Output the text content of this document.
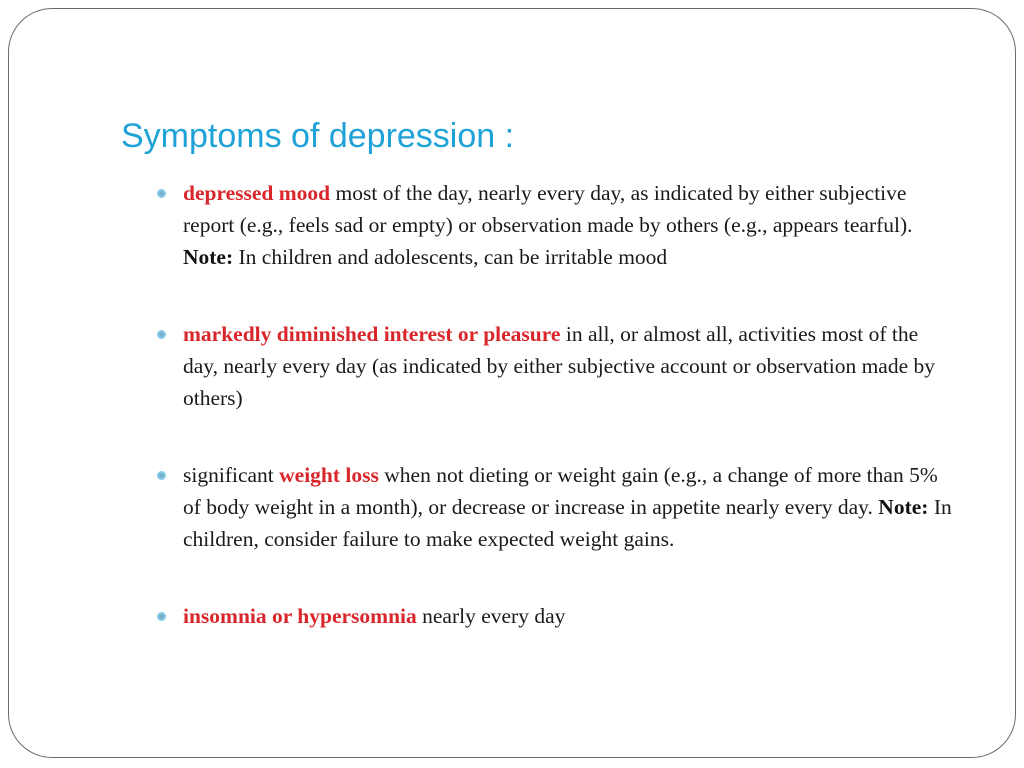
Symptoms of depression :
depressed mood most of the day, nearly every day, as indicated by either subjective report (e.g., feels sad or empty) or observation made by others (e.g., appears tearful). Note: In children and adolescents, can be irritable mood
markedly diminished interest or pleasure in all, or almost all, activities most of the day, nearly every day (as indicated by either subjective account or observation made by others)
significant weight loss when not dieting or weight gain (e.g., a change of more than 5% of body weight in a month), or decrease or increase in appetite nearly every day. Note: In children, consider failure to make expected weight gains.
insomnia or hypersomnia nearly every day
